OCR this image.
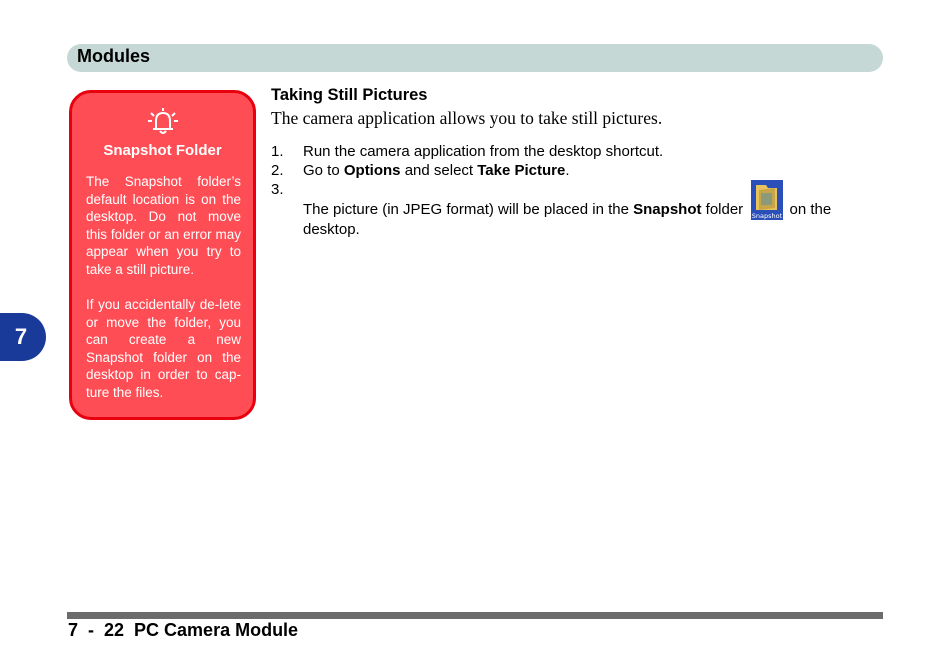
Modules
7
Snapshot Folder

The Snapshot folder’s default location is on the desktop. Do not move this folder or an error may appear when you try to take a still picture.

If you accidentally de-lete or move the folder, you can create a new Snapshot folder on the desktop in order to cap-ture the files.

Taking Still Pictures
The camera application allows you to take still pictures.
1. Run the camera application from the desktop shortcut.
2. Go to Options and select Take Picture.
3.
The picture (in JPEG format) will be placed in the Snapshot folder Snapshot on the desktop.
7  -  22  PC Camera Module
